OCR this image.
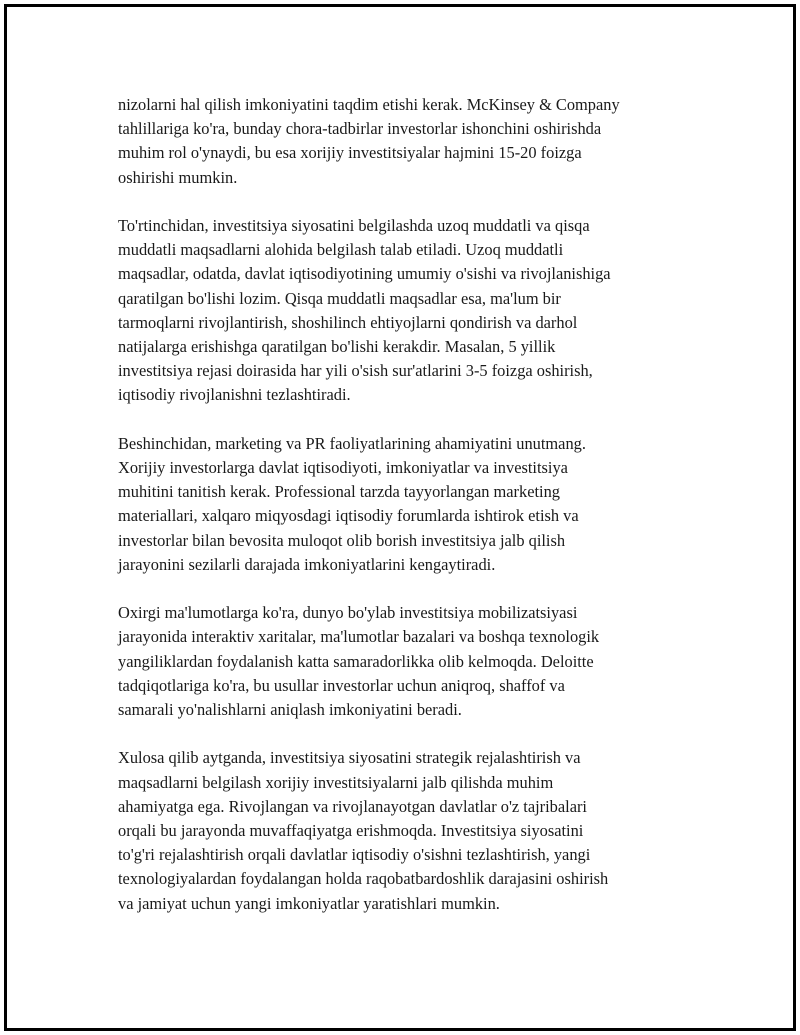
nizolarni hal qilish imkoniyatini taqdim etishi kerak. McKinsey & Company
tahlillariga ko'ra, bunday chora-tadbirlar investorlar ishonchini oshirishda
muhim rol o'ynaydi, bu esa xorijiy investitsiyalar hajmini 15-20 foizga
oshirishi mumkin.

To'rtinchidan, investitsiya siyosatini belgilashda uzoq muddatli va qisqa
muddatli maqsadlarni alohida belgilash talab etiladi. Uzoq muddatli
maqsadlar, odatda, davlat iqtisodiyotining umumiy o'sishi va rivojlanishiga
qaratilgan bo'lishi lozim. Qisqa muddatli maqsadlar esa, ma'lum bir
tarmoqlarni rivojlantirish, shoshilinch ehtiyojlarni qondirish va darhol
natijalarga erishishga qaratilgan bo'lishi kerakdir. Masalan, 5 yillik
investitsiya rejasi doirasida har yili o'sish sur'atlarini 3-5 foizga oshirish,
iqtisodiy rivojlanishni tezlashtiradi.

Beshinchidan, marketing va PR faoliyatlarining ahamiyatini unutmang.
Xorijiy investorlarga davlat iqtisodiyoti, imkoniyatlar va investitsiya
muhitini tanitish kerak. Professional tarzda tayyorlangan marketing
materiallari, xalqaro miqyosdagi iqtisodiy forumlarda ishtirok etish va
investorlar bilan bevosita muloqot olib borish investitsiya jalb qilish
jarayonini sezilarli darajada imkoniyatlarini kengaytiradi.

Oxirgi ma'lumotlarga ko'ra, dunyo bo'ylab investitsiya mobilizatsiyasi
jarayonida interaktiv xaritalar, ma'lumotlar bazalari va boshqa texnologik
yangiliklardan foydalanish katta samaradorlikka olib kelmoqda. Deloitte
tadqiqotlariga ko'ra, bu usullar investorlar uchun aniqroq, shaffof va
samarali yo'nalishlarni aniqlash imkoniyatini beradi.

Xulosa qilib aytganda, investitsiya siyosatini strategik rejalashtirish va
maqsadlarni belgilash xorijiy investitsiyalarni jalb qilishda muhim
ahamiyatga ega. Rivojlangan va rivojlanayotgan davlatlar o'z tajribalari
orqali bu jarayonda muvaffaqiyatga erishmoqda. Investitsiya siyosatini
to'g'ri rejalashtirish orqali davlatlar iqtisodiy o'sishni tezlashtirish, yangi
texnologiyalardan foydalangan holda raqobatbardoshlik darajasini oshirish
va jamiyat uchun yangi imkoniyatlar yaratishlari mumkin.
